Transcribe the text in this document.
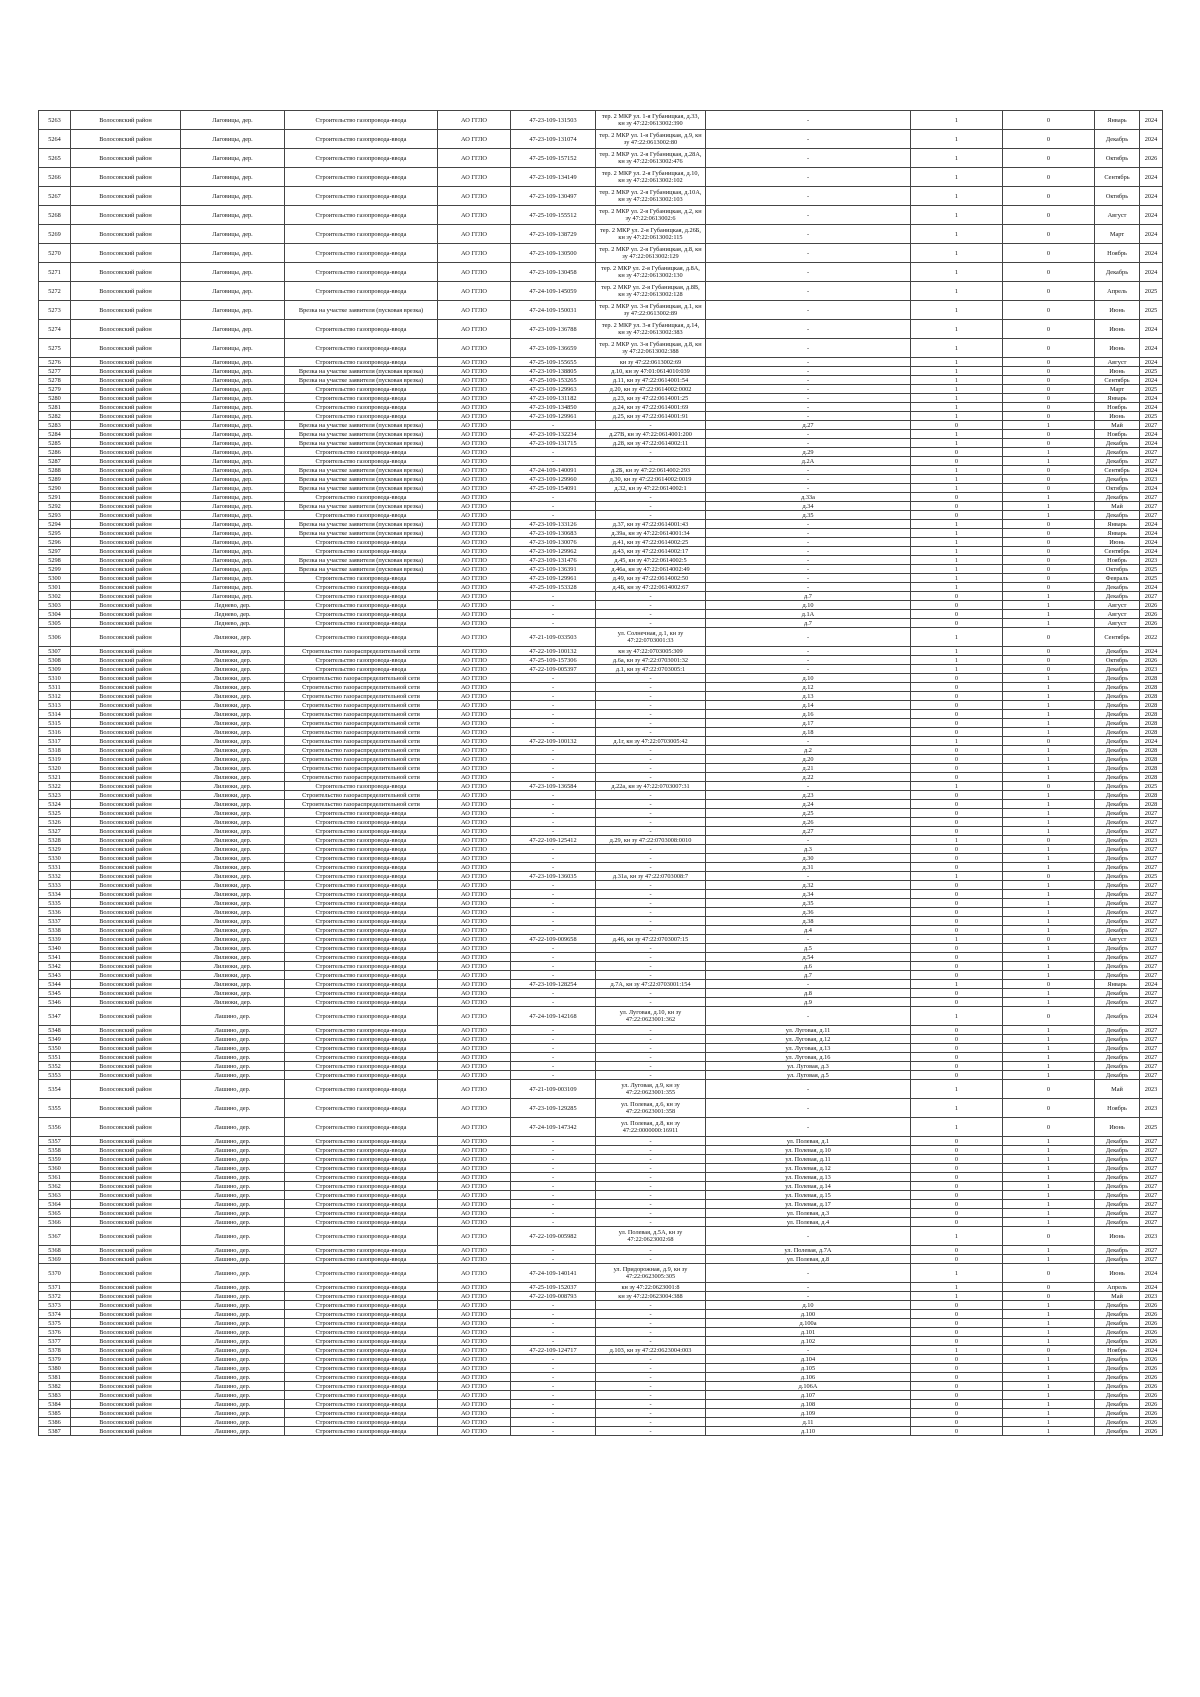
5263	Волосовский район	Лаговицы, дер.	Строительство газопровода-ввода	АО ГГЛО	47-23-109-131503	тер. 2 МКР ул. 1-я Губаницкая, д.33, кн зу 47:22:0613002:390	-	1	0	Январь	2024
5264	Волосовский район	Лаговицы, дер.	Строительство газопровода-ввода	АО ГГЛО	47-23-109-131074	тер. 2 МКР ул. 1-я Губаницкая, д.9, кн зу 47:22:0613002:80	-	1	0	Декабрь	2024
5265	Волосовский район	Лаговицы, дер.	Строительство газопровода-ввода	АО ГГЛО	47-25-109-157152	тер. 2 МКР ул. 2-я Губаницкая, д.28А, кн зу 47:22:0613002:476	-	1	0	Октябрь	2026
5266	Волосовский район	Лаговицы, дер.	Строительство газопровода-ввода	АО ГГЛО	47-23-109-134149	тер. 2 МКР ул. 2-я Губаницкая, д.10, кн зу 47:22:0613002:102	-	1	0	Сентябрь	2024
5267	Волосовский район	Лаговицы, дер.	Строительство газопровода-ввода	АО ГГЛО	47-23-109-130497	тер. 2 МКР ул. 2-я Губаницкая, д.10А, кн зу 47:22:0613002:103	-	1	0	Октябрь	2024
5268	Волосовский район	Лаговицы, дер.	Строительство газопровода-ввода	АО ГГЛО	47-25-109-155512	тер. 2 МКР ул. 2-я Губаницкая, д.2, кн зу 47:22:0613002:6	-	1	0	Август	2024
5269	Волосовский район	Лаговицы, дер.	Строительство газопровода-ввода	АО ГГЛО	47-23-109-138729	тер. 2 МКР ул. 2-я Губаницкая, д.26Б, кн зу 47:22:0613002:115	-	1	0	Март	2024
5270	Волосовский район	Лаговицы, дер.	Строительство газопровода-ввода	АО ГГЛО	47-23-109-130500	тер. 2 МКР ул. 2-я Губаницкая, д.8, кн зу 47:22:0613002:129	-	1	0	Ноябрь	2024
5271	Волосовский район	Лаговицы, дер.	Строительство газопровода-ввода	АО ГГЛО	47-23-109-130458	тер. 2 МКР ул. 2-я Губаницкая, д.8А, кн зу 47:22:0613002:130	-	1	0	Декабрь	2024
5272	Волосовский район	Лаговицы, дер.	Строительство газопровода-ввода	АО ГГЛО	47-24-109-145059	тер. 2 МКР ул. 2-я Губаницкая, д.8В, кн зу 47:22:0613002:128	-	1	0	Апрель	2025
5273	Волосовский район	Лаговицы, дер.	Врезка на участке заявителя (пусковая врезка)	АО ГГЛО	47-24-109-150031	тер. 2 МКР ул. 3-я Губаницкая, д.1, кн зу 47:22:0613002:89	-	1	0	Июнь	2025
5274	Волосовский район	Лаговицы, дер.	Строительство газопровода-ввода	АО ГГЛО	47-23-109-136788	тер. 2 МКР ул. 3-я Губаницкая, д.14, кн зу 47:22:0613002:383	-	1	0	Июнь	2024
5275	Волосовский район	Лаговицы, дер.	Строительство газопровода-ввода	АО ГГЛО	47-23-109-136659	тер. 2 МКР ул. 3-я Губаницкая, д.8, кн зу 47:22:0613002:388	-	1	0	Июнь	2024
5276	Волосовский район	Лаговицы, дер.	Строительство газопровода-ввода	АО ГГЛО	47-25-109-155655	кн зу 47:22:0613002:69	-	1	0	Август	2024
5277	Волосовский район	Лаговицы, дер.	Врезка на участке заявителя (пусковая врезка)	АО ГГЛО	47-23-109-138805	д.10, кн зу 47:01:0614010:039	-	1	0	Июнь	2025
5278	Волосовский район	Лаговицы, дер.	Врезка на участке заявителя (пусковая врезка)	АО ГГЛО	47-25-109-153265	д.11, кн зу 47:22:0614001:54	-	1	0	Сентябрь	2024
5279	Волосовский район	Лаговицы, дер.	Строительство газопровода-ввода	АО ГГЛО	47-23-109-129963	д.20, кн зу 47:22:0614002:0002	-	1	0	Март	2025
5280	Волосовский район	Лаговицы, дер.	Строительство газопровода-ввода	АО ГГЛО	47-23-109-131182	д.23, кн зу 47:22:0614001:25	-	1	0	Январь	2024
5281	Волосовский район	Лаговицы, дер.	Строительство газопровода-ввода	АО ГГЛО	47-23-109-134850	д.24, кн зу 47:22:0614001:69	-	1	0	Ноябрь	2024
5282	Волосовский район	Лаговицы, дер.	Строительство газопровода-ввода	АО ГГЛО	47-23-109-129961	д.25, кн зу 47:22:0614001:91	-	1	0	Июнь	2025
5283	Волосовский район	Лаговицы, дер.	Врезка на участке заявителя (пусковая врезка)	АО ГГЛО	-	-	д.27	0	1	Май	2027
5284	Волосовский район	Лаговицы, дер.	Врезка на участке заявителя (пусковая врезка)	АО ГГЛО	47-23-109-132234	д.27В, кн зу 47:22:0614001:200	-	1	0	Ноябрь	2024
5285	Волосовский район	Лаговицы, дер.	Врезка на участке заявителя (пусковая врезка)	АО ГГЛО	47-23-109-131715	д.28, кн зу 47:22:0614002:11	-	1	0	Декабрь	2024
5286	Волосовский район	Лаговицы, дер.	Строительство газопровода-ввода	АО ГГЛО	-	-	д.29	0	1	Декабрь	2027
5287	Волосовский район	Лаговицы, дер.	Строительство газопровода-ввода	АО ГГЛО	-	-	д.2А	0	1	Декабрь	2027
5288	Волосовский район	Лаговицы, дер.	Врезка на участке заявителя (пусковая врезка)	АО ГГЛО	47-24-109-140091	д.2Б, кн зу 47:22:0614002:293	-	1	0	Сентябрь	2024
5289	Волосовский район	Лаговицы, дер.	Врезка на участке заявителя (пусковая врезка)	АО ГГЛО	47-23-109-129960	д.30, кн зу 47:22:0614002:0019	-	1	0	Декабрь	2023
5290	Волосовский район	Лаговицы, дер.	Врезка на участке заявителя (пусковая врезка)	АО ГГЛО	47-25-109-154091	д.32, кн зу 47:22:0614002:1	-	1	0	Октябрь	2024
5291	Волосовский район	Лаговицы, дер.	Строительство газопровода-ввода	АО ГГЛО	-	-	д.33а	0	1	Декабрь	2027
5292	Волосовский район	Лаговицы, дер.	Врезка на участке заявителя (пусковая врезка)	АО ГГЛО	-	-	д.34	0	1	Май	2027
5293	Волосовский район	Лаговицы, дер.	Строительство газопровода-ввода	АО ГГЛО	-	-	д.35	0	1	Декабрь	2027
5294	Волосовский район	Лаговицы, дер.	Врезка на участке заявителя (пусковая врезка)	АО ГГЛО	47-23-109-133126	д.37, кн зу 47:22:0614001:43	-	1	0	Январь	2024
5295	Волосовский район	Лаговицы, дер.	Врезка на участке заявителя (пусковая врезка)	АО ГГЛО	47-23-109-130683	д.39а, кн зу 47:22:0614001:34	-	1	0	Январь	2024
5296	Волосовский район	Лаговицы, дер.	Строительство газопровода-ввода	АО ГГЛО	47-23-109-130076	д.41, кн зу 47:22:0614002:25	-	1	0	Июнь	2024
5297	Волосовский район	Лаговицы, дер.	Строительство газопровода-ввода	АО ГГЛО	47-23-109-129962	д.43, кн зу 47:22:0614002:17	-	1	0	Сентябрь	2024
5298	Волосовский район	Лаговицы, дер.	Врезка на участке заявителя (пусковая врезка)	АО ГГЛО	47-23-109-131476	д.45, кн зу 47:22:0614002:5	-	1	0	Ноябрь	2023
5299	Волосовский район	Лаговицы, дер.	Врезка на участке заявителя (пусковая врезка)	АО ГГЛО	47-23-109-136391	д.46а, кн зу 47:22:0614002:49	-	1	0	Октябрь	2025
5300	Волосовский район	Лаговицы, дер.	Строительство газопровода-ввода	АО ГГЛО	47-23-109-129961	д.49, кн зу 47:22:0614002:50	-	1	0	Февраль	2025
5301	Волосовский район	Лаговицы, дер.	Строительство газопровода-ввода	АО ГГЛО	47-25-109-153328	д.4Б, кн зу 47:22:0614002:67	-	1	0	Декабрь	2024
5302	Волосовский район	Лаговицы, дер.	Строительство газопровода-ввода	АО ГГЛО	-	-	д.7	0	1	Декабрь	2027
5303	Волосовский район	Леднево, дер.	Строительство газопровода-ввода	АО ГГЛО	-	-	д.10	0	1	Август	2026
5304	Волосовский район	Леднево, дер.	Строительство газопровода-ввода	АО ГГЛО	-	-	д.1А	0	1	Август	2026
5305	Волосовский район	Леднево, дер.	Строительство газопровода-ввода	АО ГГЛО	-	-	д.7	0	1	Август	2026
5306	Волосовский район	Лилиоки, дер.	Строительство газопровода-ввода	АО ГГЛО	47-21-109-033503	ул. Солнечная, д.1, кн зу 47:22:0703001:33	-	1	0	Сентябрь	2022
5307	Волосовский район	Лилиоки, дер.	Строительство газораспределительной сети	АО ГГЛО	47-22-109-100132	кн зу 47:22:0703005:309	-	1	0	Декабрь	2024
5308	Волосовский район	Лилиоки, дер.	Строительство газопровода-ввода	АО ГГЛО	47-25-109-157306	д.6а, кн зу 47:22:0703001:32	-	1	0	Октябрь	2026
5309	Волосовский район	Лилиоки, дер.	Строительство газопровода-ввода	АО ГГЛО	47-22-109-005397	д.1, кн зу 47:22:0703005:1	-	1	0	Декабрь	2023
5310	Волосовский район	Лилиоки, дер.	Строительство газораспределительной сети	АО ГГЛО	-	-	д.10	0	1	Декабрь	2028
5311	Волосовский район	Лилиоки, дер.	Строительство газораспределительной сети	АО ГГЛО	-	-	д.12	0	1	Декабрь	2028
5312	Волосовский район	Лилиоки, дер.	Строительство газораспределительной сети	АО ГГЛО	-	-	д.13	0	1	Декабрь	2028
5313	Волосовский район	Лилиоки, дер.	Строительство газораспределительной сети	АО ГГЛО	-	-	д.14	0	1	Декабрь	2028
5314	Волосовский район	Лилиоки, дер.	Строительство газораспределительной сети	АО ГГЛО	-	-	д.16	0	1	Декабрь	2028
5315	Волосовский район	Лилиоки, дер.	Строительство газораспределительной сети	АО ГГЛО	-	-	д.17	0	1	Декабрь	2028
5316	Волосовский район	Лилиоки, дер.	Строительство газораспределительной сети	АО ГГЛО	-	-	д.18	0	1	Декабрь	2028
5317	Волосовский район	Лилиоки, дер.	Строительство газораспределительной сети	АО ГГЛО	47-22-109-100132	д.1г, кн зу 47:22:0703005:42	-	1	0	Декабрь	2024
5318	Волосовский район	Лилиоки, дер.	Строительство газораспределительной сети	АО ГГЛО	-	-	д.2	0	1	Декабрь	2028
5319	Волосовский район	Лилиоки, дер.	Строительство газораспределительной сети	АО ГГЛО	-	-	д.20	0	1	Декабрь	2028
5320	Волосовский район	Лилиоки, дер.	Строительство газораспределительной сети	АО ГГЛО	-	-	д.21	0	1	Декабрь	2028
5321	Волосовский район	Лилиоки, дер.	Строительство газораспределительной сети	АО ГГЛО	-	-	д.22	0	1	Декабрь	2028
5322	Волосовский район	Лилиоки, дер.	Строительство газопровода-ввода	АО ГГЛО	47-23-109-136584	д.22а, кн зу 47:22:0703007:31	-	1	0	Декабрь	2025
5323	Волосовский район	Лилиоки, дер.	Строительство газораспределительной сети	АО ГГЛО	-	-	д.23	0	1	Декабрь	2028
5324	Волосовский район	Лилиоки, дер.	Строительство газораспределительной сети	АО ГГЛО	-	-	д.24	0	1	Декабрь	2028
5325	Волосовский район	Лилиоки, дер.	Строительство газопровода-ввода	АО ГГЛО	-	-	д.25	0	1	Декабрь	2027
5326	Волосовский район	Лилиоки, дер.	Строительство газопровода-ввода	АО ГГЛО	-	-	д.26	0	1	Декабрь	2027
5327	Волосовский район	Лилиоки, дер.	Строительство газопровода-ввода	АО ГГЛО	-	-	д.27	0	1	Декабрь	2027
5328	Волосовский район	Лилиоки, дер.	Строительство газопровода-ввода	АО ГГЛО	47-22-109-125412	д.29, кн зу 47:22:0703008:0010	-	1	0	Декабрь	2023
5329	Волосовский район	Лилиоки, дер.	Строительство газопровода-ввода	АО ГГЛО	-	-	д.3	0	1	Декабрь	2027
5330	Волосовский район	Лилиоки, дер.	Строительство газопровода-ввода	АО ГГЛО	-	-	д.30	0	1	Декабрь	2027
5331	Волосовский район	Лилиоки, дер.	Строительство газопровода-ввода	АО ГГЛО	-	-	д.31	0	1	Декабрь	2027
5332	Волосовский район	Лилиоки, дер.	Строительство газопровода-ввода	АО ГГЛО	47-23-109-136035	д.31а, кн зу 47:22:0703008:7	-	1	0	Декабрь	2025
5333	Волосовский район	Лилиоки, дер.	Строительство газопровода-ввода	АО ГГЛО	-	-	д.32	0	1	Декабрь	2027
5334	Волосовский район	Лилиоки, дер.	Строительство газопровода-ввода	АО ГГЛО	-	-	д.34	0	1	Декабрь	2027
5335	Волосовский район	Лилиоки, дер.	Строительство газопровода-ввода	АО ГГЛО	-	-	д.35	0	1	Декабрь	2027
5336	Волосовский район	Лилиоки, дер.	Строительство газопровода-ввода	АО ГГЛО	-	-	д.36	0	1	Декабрь	2027
5337	Волосовский район	Лилиоки, дер.	Строительство газопровода-ввода	АО ГГЛО	-	-	д.38	0	1	Декабрь	2027
5338	Волосовский район	Лилиоки, дер.	Строительство газопровода-ввода	АО ГГЛО	-	-	д.4	0	1	Декабрь	2027
5339	Волосовский район	Лилиоки, дер.	Строительство газопровода-ввода	АО ГГЛО	47-22-109-009658	д.46, кн зу 47:22:0703007:15	-	1	0	Август	2023
5340	Волосовский район	Лилиоки, дер.	Строительство газопровода-ввода	АО ГГЛО	-	-	д.5	0	1	Декабрь	2027
5341	Волосовский район	Лилиоки, дер.	Строительство газопровода-ввода	АО ГГЛО	-	-	д.54	0	1	Декабрь	2027
5342	Волосовский район	Лилиоки, дер.	Строительство газопровода-ввода	АО ГГЛО	-	-	д.6	0	1	Декабрь	2027
5343	Волосовский район	Лилиоки, дер.	Строительство газопровода-ввода	АО ГГЛО	-	-	д.7	0	1	Декабрь	2027
5344	Волосовский район	Лилиоки, дер.	Строительство газопровода-ввода	АО ГГЛО	47-23-109-128254	д.7А, кн зу 47:22:0703001:154	-	1	0	Январь	2024
5345	Волосовский район	Лилиоки, дер.	Строительство газопровода-ввода	АО ГГЛО	-	-	д.8	0	1	Декабрь	2027
5346	Волосовский район	Лилиоки, дер.	Строительство газопровода-ввода	АО ГГЛО	-	-	д.9	0	1	Декабрь	2027
5347	Волосовский район	Лашино, дер.	Строительство газопровода-ввода	АО ГГЛО	47-24-109-142168	ул. Луговая, д.10, кн зу 47:22:0623001:362	-	1	0	Декабрь	2024
5348	Волосовский район	Лашино, дер.	Строительство газопровода-ввода	АО ГГЛО	-	-	ул. Луговая, д.11	0	1	Декабрь	2027
5349	Волосовский район	Лашино, дер.	Строительство газопровода-ввода	АО ГГЛО	-	-	ул. Луговая, д.12	0	1	Декабрь	2027
5350	Волосовский район	Лашино, дер.	Строительство газопровода-ввода	АО ГГЛО	-	-	ул. Луговая, д.13	0	1	Декабрь	2027
5351	Волосовский район	Лашино, дер.	Строительство газопровода-ввода	АО ГГЛО	-	-	ул. Луговая, д.16	0	1	Декабрь	2027
5352	Волосовский район	Лашино, дер.	Строительство газопровода-ввода	АО ГГЛО	-	-	ул. Луговая, д.3	0	1	Декабрь	2027
5353	Волосовский район	Лашино, дер.	Строительство газопровода-ввода	АО ГГЛО	-	-	ул. Луговая, д.5	0	1	Декабрь	2027
5354	Волосовский район	Лашино, дер.	Строительство газопровода-ввода	АО ГГЛО	47-21-109-003109	ул. Луговая, д.9, кн зу 47:22:0623001:355	-	1	0	Май	2023
5355	Волосовский район	Лашино, дер.	Строительство газопровода-ввода	АО ГГЛО	47-23-109-129285	ул. Полевая, д.6, кн зу 47:22:0623001:358	-	1	0	Ноябрь	2023
5356	Волосовский район	Лашино, дер.	Строительство газопровода-ввода	АО ГГЛО	47-24-109-147342	ул. Полевая, д.8, кн зу 47:22:0000000:16911	-	1	0	Июнь	2025
5357	Волосовский район	Лашино, дер.	Строительство газопровода-ввода	АО ГГЛО	-	-	ул. Полевая, д.1	0	1	Декабрь	2027
5358	Волосовский район	Лашино, дер.	Строительство газопровода-ввода	АО ГГЛО	-	-	ул. Полевая, д.10	0	1	Декабрь	2027
5359	Волосовский район	Лашино, дер.	Строительство газопровода-ввода	АО ГГЛО	-	-	ул. Полевая, д.11	0	1	Декабрь	2027
5360	Волосовский район	Лашино, дер.	Строительство газопровода-ввода	АО ГГЛО	-	-	ул. Полевая, д.12	0	1	Декабрь	2027
5361	Волосовский район	Лашино, дер.	Строительство газопровода-ввода	АО ГГЛО	-	-	ул. Полевая, д.13	0	1	Декабрь	2027
5362	Волосовский район	Лашино, дер.	Строительство газопровода-ввода	АО ГГЛО	-	-	ул. Полевая, д.14	0	1	Декабрь	2027
5363	Волосовский район	Лашино, дер.	Строительство газопровода-ввода	АО ГГЛО	-	-	ул. Полевая, д.15	0	1	Декабрь	2027
5364	Волосовский район	Лашино, дер.	Строительство газопровода-ввода	АО ГГЛО	-	-	ул. Полевая, д.17	0	1	Декабрь	2027
5365	Волосовский район	Лашино, дер.	Строительство газопровода-ввода	АО ГГЛО	-	-	ул. Полевая, д.3	0	1	Декабрь	2027
5366	Волосовский район	Лашино, дер.	Строительство газопровода-ввода	АО ГГЛО	-	-	ул. Полевая, д.4	0	1	Декабрь	2027
5367	Волосовский район	Лашино, дер.	Строительство газопровода-ввода	АО ГГЛО	47-22-109-005982	ул. Полевая, д.5А, кн зу 47:22:0623002:68	-	1	0	Июнь	2023
5368	Волосовский район	Лашино, дер.	Строительство газопровода-ввода	АО ГГЛО	-	-	ул. Полевая, д.7А	0	1	Декабрь	2027
5369	Волосовский район	Лашино, дер.	Строительство газопровода-ввода	АО ГГЛО	-	-	ул. Полевая, д.8	0	1	Декабрь	2027
5370	Волосовский район	Лашино, дер.	Строительство газопровода-ввода	АО ГГЛО	47-24-109-140141	ул. Придорожная, д.9, кн зу 47:22:0623005:305	-	1	0	Июнь	2024
5371	Волосовский район	Лашино, дер.	Строительство газопровода-ввода	АО ГГЛО	47-25-109-152037	кн зу 47:22:0623001:8	-	1	0	Апрель	2024
5372	Волосовский район	Лашино, дер.	Строительство газопровода-ввода	АО ГГЛО	47-22-109-008793	кн зу 47:22:0623004:388	-	1	0	Май	2023
5373	Волосовский район	Лашино, дер.	Строительство газопровода-ввода	АО ГГЛО	-	-	д.10	0	1	Декабрь	2026
5374	Волосовский район	Лашино, дер.	Строительство газопровода-ввода	АО ГГЛО	-	-	д.100	0	1	Декабрь	2026
5375	Волосовский район	Лашино, дер.	Строительство газопровода-ввода	АО ГГЛО	-	-	д.100а	0	1	Декабрь	2026
5376	Волосовский район	Лашино, дер.	Строительство газопровода-ввода	АО ГГЛО	-	-	д.101	0	1	Декабрь	2026
5377	Волосовский район	Лашино, дер.	Строительство газопровода-ввода	АО ГГЛО	-	-	д.102	0	1	Декабрь	2026
5378	Волосовский район	Лашино, дер.	Строительство газопровода-ввода	АО ГГЛО	47-22-109-124717	д.103, кн зу 47:22:0623004:003	-	1	0	Ноябрь	2024
5379	Волосовский район	Лашино, дер.	Строительство газопровода-ввода	АО ГГЛО	-	-	д.104	0	1	Декабрь	2026
5380	Волосовский район	Лашино, дер.	Строительство газопровода-ввода	АО ГГЛО	-	-	д.105	0	1	Декабрь	2026
5381	Волосовский район	Лашино, дер.	Строительство газопровода-ввода	АО ГГЛО	-	-	д.106	0	1	Декабрь	2026
5382	Волосовский район	Лашино, дер.	Строительство газопровода-ввода	АО ГГЛО	-	-	д.106А	0	1	Декабрь	2026
5383	Волосовский район	Лашино, дер.	Строительство газопровода-ввода	АО ГГЛО	-	-	д.107	0	1	Декабрь	2026
5384	Волосовский район	Лашино, дер.	Строительство газопровода-ввода	АО ГГЛО	-	-	д.108	0	1	Декабрь	2026
5385	Волосовский район	Лашино, дер.	Строительство газопровода-ввода	АО ГГЛО	-	-	д.109	0	1	Декабрь	2026
5386	Волосовский район	Лашино, дер.	Строительство газопровода-ввода	АО ГГЛО	-	-	д.11	0	1	Декабрь	2026
5387	Волосовский район	Лашино, дер.	Строительство газопровода-ввода	АО ГГЛО	-	-	д.110	0	1	Декабрь	2026
